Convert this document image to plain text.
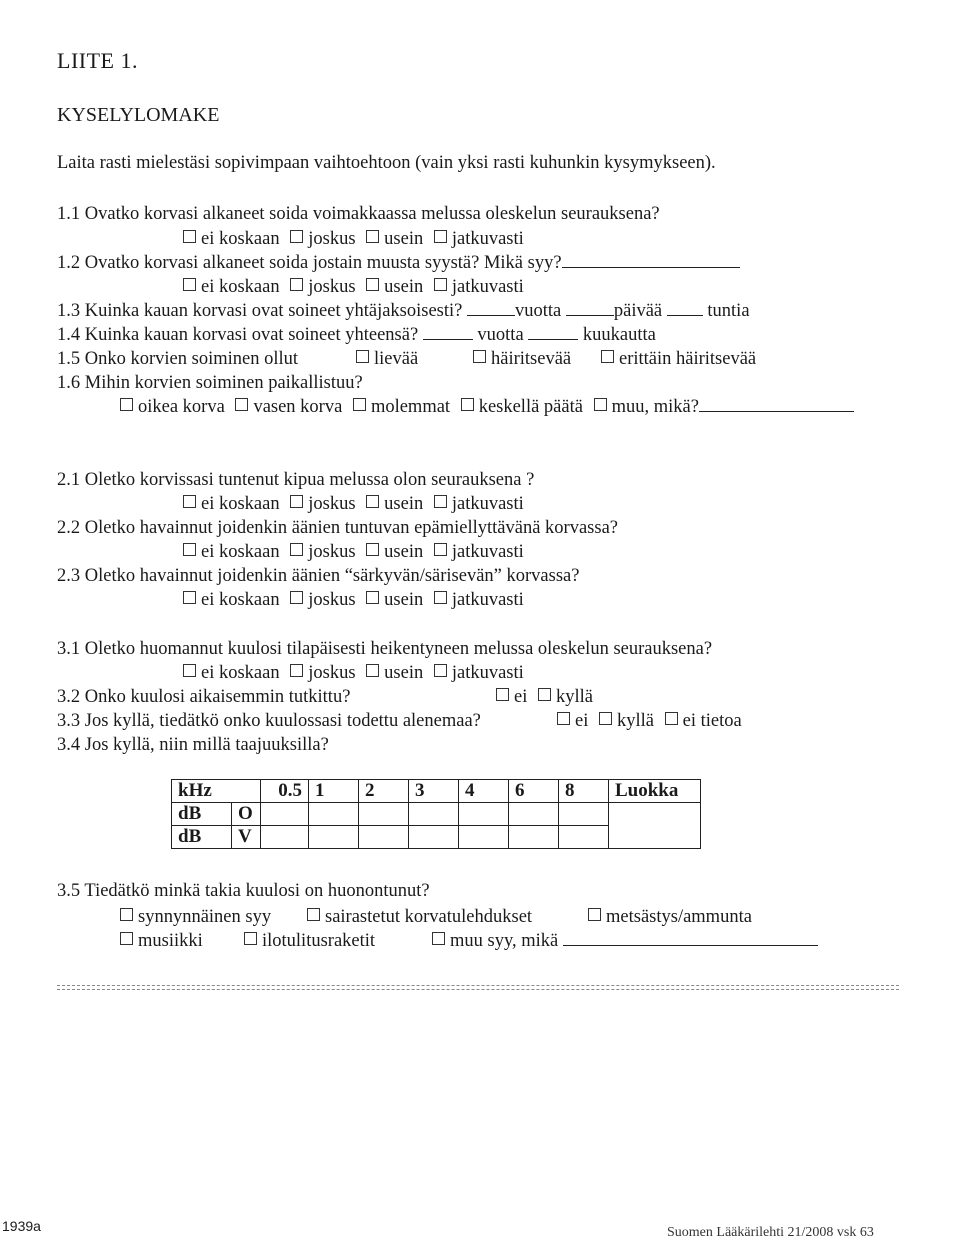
LIITE 1.
KYSELYLOMAKE
Laita rasti mielestäsi sopivimpaan vaihtoehtoon (vain yksi rasti kuhunkin kysymykseen).
1.1 Ovatko korvasi alkaneet soida voimakkaassa melussa oleskelun seurauksena?
ei koskaan joskus usein jatkuvasti
1.2 Ovatko korvasi alkaneet soida jostain muusta syystä? Mikä syy?
ei koskaan joskus usein jatkuvasti
1.3 Kuinka kauan korvasi ovat soineet yhtäjaksoisesti?	vuotta	päivää tuntia
1.4 Kuinka kauan korvasi ovat soineet yhteensä?	vuotta	kuukautta
1.5 Onko korvien soiminen ollut	lievää	häiritsevää	erittäin häiritsevää
1.6 Mihin korvien soiminen paikallistuu?
oikea korva vasen korva molemmat keskellä päätä muu, mikä?
2.1 Oletko korvissasi tuntenut kipua melussa olon seurauksena ?
ei koskaan joskus usein jatkuvasti
2.2 Oletko havainnut joidenkin äänien tuntuvan epämiellyttävänä korvassa?
ei koskaan joskus usein jatkuvasti
2.3 Oletko havainnut joidenkin äänien “särkyvän/särisevän” korvassa?
ei koskaan joskus usein jatkuvasti
3.1 Oletko huomannut kuulosi tilapäisesti heikentyneen melussa oleskelun seurauksena?
ei koskaan joskus usein jatkuvasti
3.2 Onko kuulosi aikaisemmin tutkittu?	ei kyllä
3.3 Jos kyllä, tiedätkö onko kuulossasi todettu alenemaa?	ei kyllä ei tietoa
3.4 Jos kyllä, niin millä taajuuksilla?
kHz		0.5	1	2	3	4	6	8	Luokka
dB	O								
dB	V								
3.5 Tiedätkö minkä takia kuulosi on huonontunut?
synnynnäinen syy	sairastetut korvatulehdukset	metsästys/ammunta
musiikki	ilotulitusraketit	muu syy, mikä
1939a	Suomen Lääkärilehti 21/2008 vsk 63
